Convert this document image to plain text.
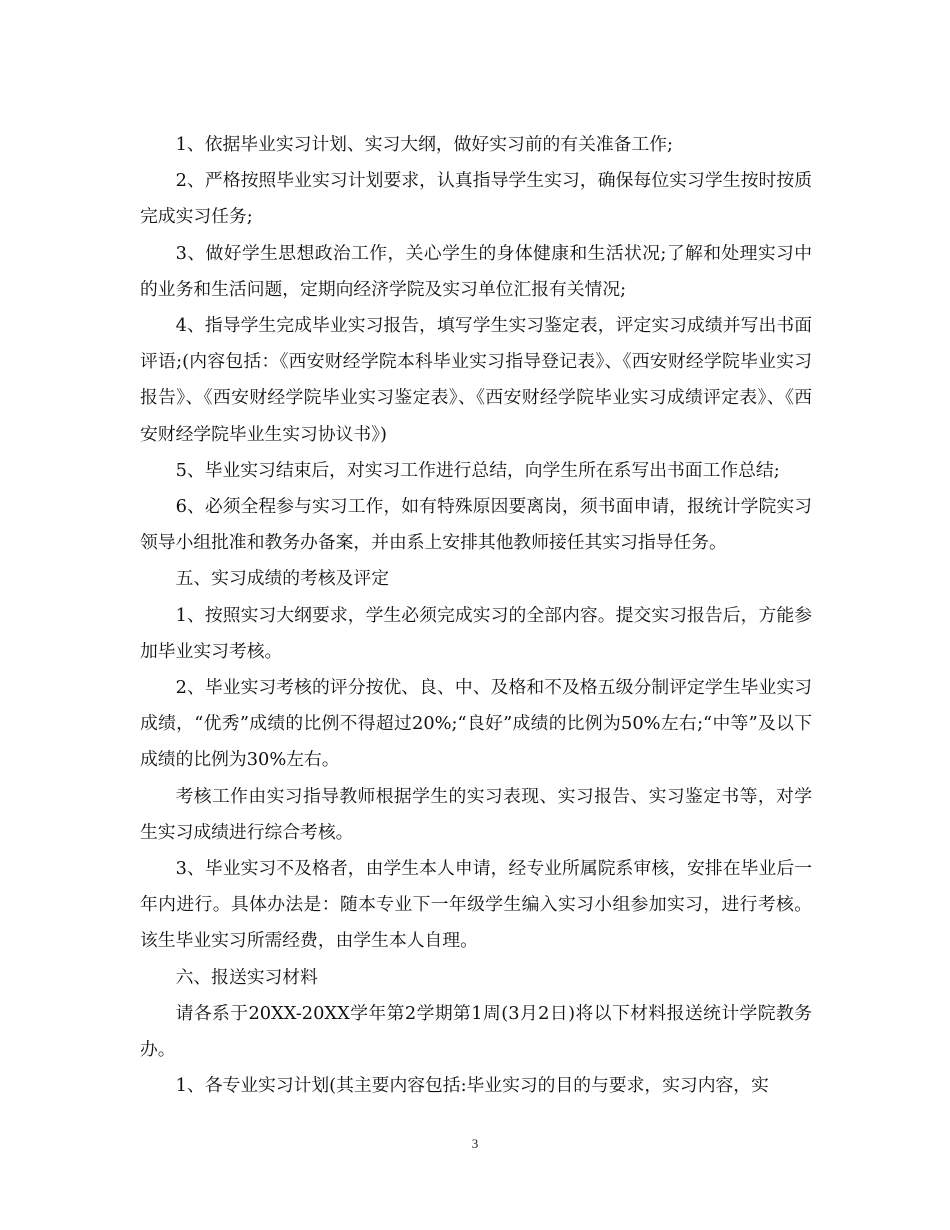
1、依据毕业实习计划、实习大纲，做好实习前的有关准备工作;

2、严格按照毕业实习计划要求，认真指导学生实习，确保每位实习学生按时按质完成实习任务;

3、做好学生思想政治工作，关心学生的身体健康和生活状况;了解和处理实习中的业务和生活问题，定期向经济学院及实习单位汇报有关情况;

4、指导学生完成毕业实习报告，填写学生实习鉴定表，评定实习成绩并写出书面评语;(内容包括：《西安财经学院本科毕业实习指导登记表》、《西安财经学院毕业实习报告》、《西安财经学院毕业实习鉴定表》、《西安财经学院毕业实习成绩评定表》、《西安财经学院毕业生实习协议书》)

5、毕业实习结束后，对实习工作进行总结，向学生所在系写出书面工作总结;

6、必须全程参与实习工作，如有特殊原因要离岗，须书面申请，报统计学院实习领导小组批准和教务办备案，并由系上安排其他教师接任其实习指导任务。

五、实习成绩的考核及评定

1、按照实习大纲要求，学生必须完成实习的全部内容。提交实习报告后，方能参加毕业实习考核。

2、毕业实习考核的评分按优、良、中、及格和不及格五级分制评定学生毕业实习成绩，“优秀”成绩的比例不得超过20%;“良好”成绩的比例为50%左右;“中等”及以下成绩的比例为30%左右。

考核工作由实习指导教师根据学生的实习表现、实习报告、实习鉴定书等，对学生实习成绩进行综合考核。

3、毕业实习不及格者，由学生本人申请，经专业所属院系审核，安排在毕业后一年内进行。具体办法是：随本专业下一年级学生编入实习小组参加实习，进行考核。该生毕业实习所需经费，由学生本人自理。

六、报送实习材料

请各系于20XX-20XX学年第2学期第1周(3月2日)将以下材料报送统计学院教务办。

1、各专业实习计划(其主要内容包括:毕业实习的目的与要求，实习内容，实

3
